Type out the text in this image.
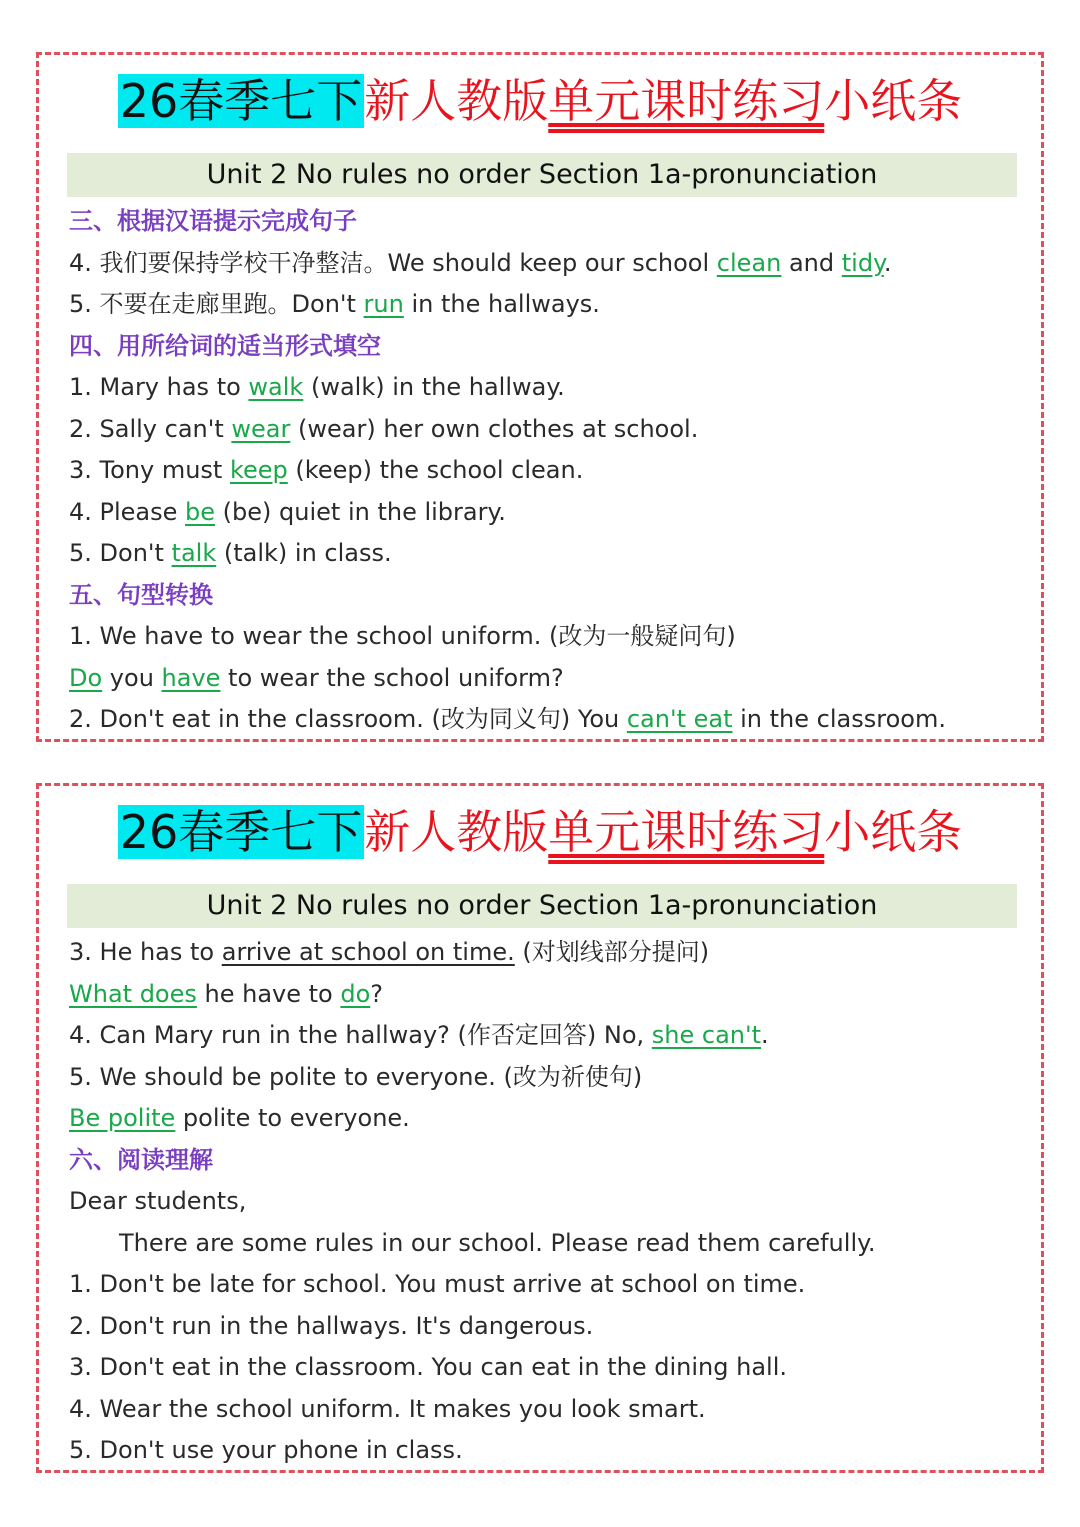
26春季七下新人教版单元课时练习小纸条
Unit 2 No rules no order Section 1a-pronunciation
三、根据汉语提示完成句子
4. 我们要保持学校干净整洁。We should keep our school clean and tidy.
5. 不要在走廊里跑。Don't run in the hallways.
四、用所给词的适当形式填空
1. Mary has to walk (walk) in the hallway.
2. Sally can't wear (wear) her own clothes at school.
3. Tony must keep (keep) the school clean.
4. Please be (be) quiet in the library.
5. Don't talk (talk) in class.
五、句型转换
1. We have to wear the school uniform. (改为一般疑问句)
Do you have to wear the school uniform?
2. Don't eat in the classroom. (改为同义句) You can't eat in the classroom.
26春季七下新人教版单元课时练习小纸条
Unit 2 No rules no order Section 1a-pronunciation
3. He has to arrive at school on time. (对划线部分提问)
What does he have to do?
4. Can Mary run in the hallway? (作否定回答) No, she can't.
5. We should be polite to everyone. (改为祈使句)
Be polite polite to everyone.
六、阅读理解
Dear students,
There are some rules in our school. Please read them carefully.
1. Don't be late for school. You must arrive at school on time.
2. Don't run in the hallways. It's dangerous.
3. Don't eat in the classroom. You can eat in the dining hall.
4. Wear the school uniform. It makes you look smart.
5. Don't use your phone in class.
